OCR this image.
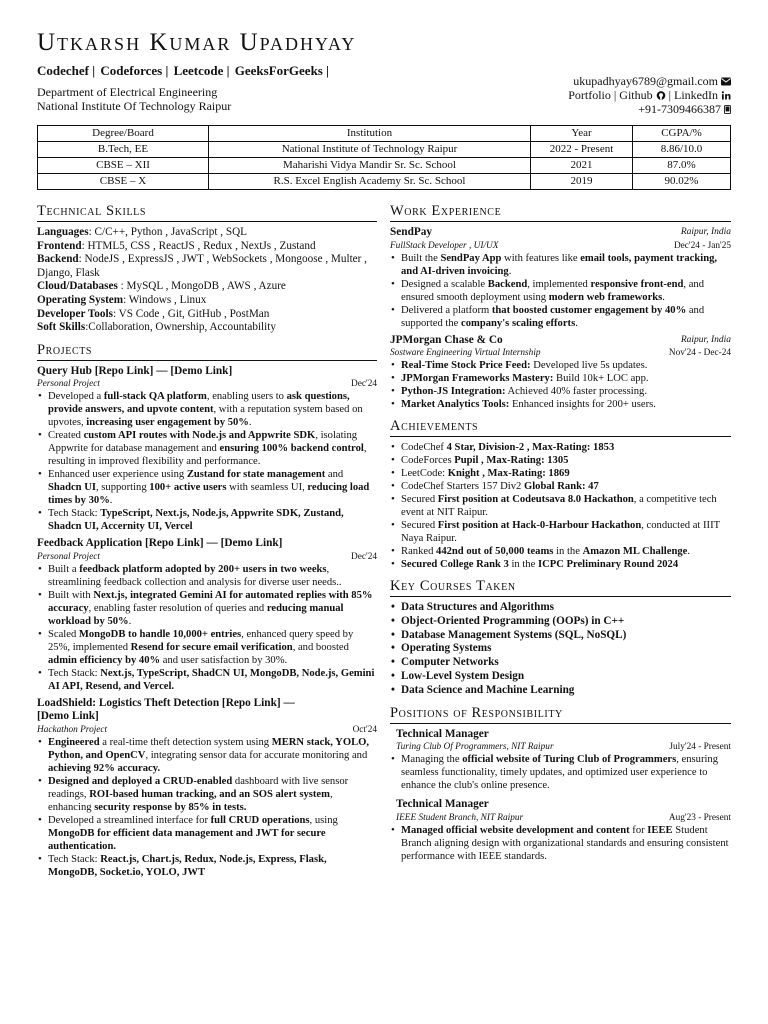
Utkarsh Kumar Upadhyay
Codechef | Codeforces | Leetcode | GeeksForGeeks |
Department of Electrical Engineering
National Institute Of Technology Raipur
ukupadhyay6789@gmail.com
Portfolio | Github | LinkedIn
+91-7309466387
Degree/Board	Institution	Year	CGPA/%
B.Tech, EE	National Institute of Technology Raipur	2022 - Present	8.86/10.0
CBSE – XII	Maharishi Vidya Mandir Sr. Sc. School	2021	87.0%
CBSE – X	R.S. Excel English Academy Sr. Sc. School	2019	90.02%
Technical Skills
Languages: C/C++, Python , JavaScript , SQL
Frontend: HTML5, CSS , ReactJS , Redux , NextJs , Zustand
Backend: NodeJS , ExpressJS , JWT , WebSockets , Mongoose , Multer , Django, Flask
Cloud/Databases : MySQL , MongoDB , AWS , Azure
Operating System: Windows , Linux
Developer Tools: VS Code , Git, GitHub , PostMan
Soft Skills:Collaboration, Ownership, Accountability
Projects
Query Hub [Repo Link] — [Demo Link]
Personal Project	Dec'24
• Developed a full-stack QA platform, enabling users to ask questions, provide answers, and upvote content, with a reputation system based on upvotes, increasing user engagement by 50%.
• Created custom API routes with Node.js and Appwrite SDK, isolating Appwrite for database management and ensuring 100% backend control, resulting in improved flexibility and performance.
• Enhanced user experience using Zustand for state management and Shadcn UI, supporting 100+ active users with seamless UI, reducing load times by 30%.
• Tech Stack: TypeScript, Next.js, Node.js, Appwrite SDK, Zustand, Shadcn UI, Accernity UI, Vercel
Feedback Application [Repo Link] — [Demo Link]
Personal Project	Dec'24
• Built a feedback platform adopted by 200+ users in two weeks, streamlining feedback collection and analysis for diverse user needs..
• Built with Next.js, integrated Gemini AI for automated replies with 85% accuracy, enabling faster resolution of queries and reducing manual workload by 50%.
• Scaled MongoDB to handle 10,000+ entries, enhanced query speed by 25%, implemented Resend for secure email verification, and boosted admin efficiency by 40% and user satisfaction by 30%.
• Tech Stack: Next.js, TypeScript, ShadCN UI, MongoDB, Node.js, Gemini AI API, Resend, and Vercel.
LoadShield: Logistics Theft Detection [Repo Link] —
[Demo Link]
Hackathon Project	Oct'24
• Engineered a real-time theft detection system using MERN stack, YOLO, Python, and OpenCV, integrating sensor data for accurate monitoring and achieving 92% accuracy.
• Designed and deployed a CRUD-enabled dashboard with live sensor readings, ROI-based human tracking, and an SOS alert system, enhancing security response by 85% in tests.
• Developed a streamlined interface for full CRUD operations, using MongoDB for efficient data management and JWT for secure authentication.
• Tech Stack: React.js, Chart.js, Redux, Node.js, Express, Flask, MongoDB, Socket.io, YOLO, JWT
Work Experience
SendPay	Raipur, India
FullStack Developer , UI/UX	Dec'24 - Jan'25
• Built the SendPay App with features like email tools, payment tracking, and AI-driven invoicing.
• Designed a scalable Backend, implemented responsive front-end, and ensured smooth deployment using modern web frameworks.
• Delivered a platform that boosted customer engagement by 40% and supported the company's scaling efforts.
JPMorgan Chase & Co	Raipur, India
Sostware Engineering Virtual Internship	Nov'24 - Dec-24
• Real-Time Stock Price Feed: Developed live 5s updates.
• JPMorgan Frameworks Mastery: Build 10k+ LOC app.
• Python-JS Integration: Achieved 40% faster processing.
• Market Analytics Tools: Enhanced insights for 200+ users.
Achievements
• CodeChef 4 Star, Division-2 , Max-Rating: 1853
• CodeForces Pupil , Max-Rating: 1305
• LeetCode: Knight , Max-Rating: 1869
• CodeChef Starters 157 Div2 Global Rank: 47
• Secured First position at Codeutsava 8.0 Hackathon, a competitive tech event at NIT Raipur.
• Secured First position at Hack-0-Harbour Hackathon, conducted at IIIT Naya Raipur.
• Ranked 442nd out of 50,000 teams in the Amazon ML Challenge.
• Secured College Rank 3 in the ICPC Preliminary Round 2024
Key Courses Taken
• Data Structures and Algorithms
• Object-Oriented Programming (OOPs) in C++
• Database Management Systems (SQL, NoSQL)
• Operating Systems
• Computer Networks
• Low-Level System Design
• Data Science and Machine Learning
Positions of Responsibility
Technical Manager
Turing Club Of Programmers, NIT Raipur	July'24 - Present
• Managing the official website of Turing Club of Programmers, ensuring seamless functionality, timely updates, and optimized user experience to enhance the club's online presence.
Technical Manager
IEEE Student Branch, NIT Raipur	Aug'23 - Present
• Managed official website development and content for IEEE Student Branch aligning design with organizational standards and ensuring consistent performance with IEEE standards.
